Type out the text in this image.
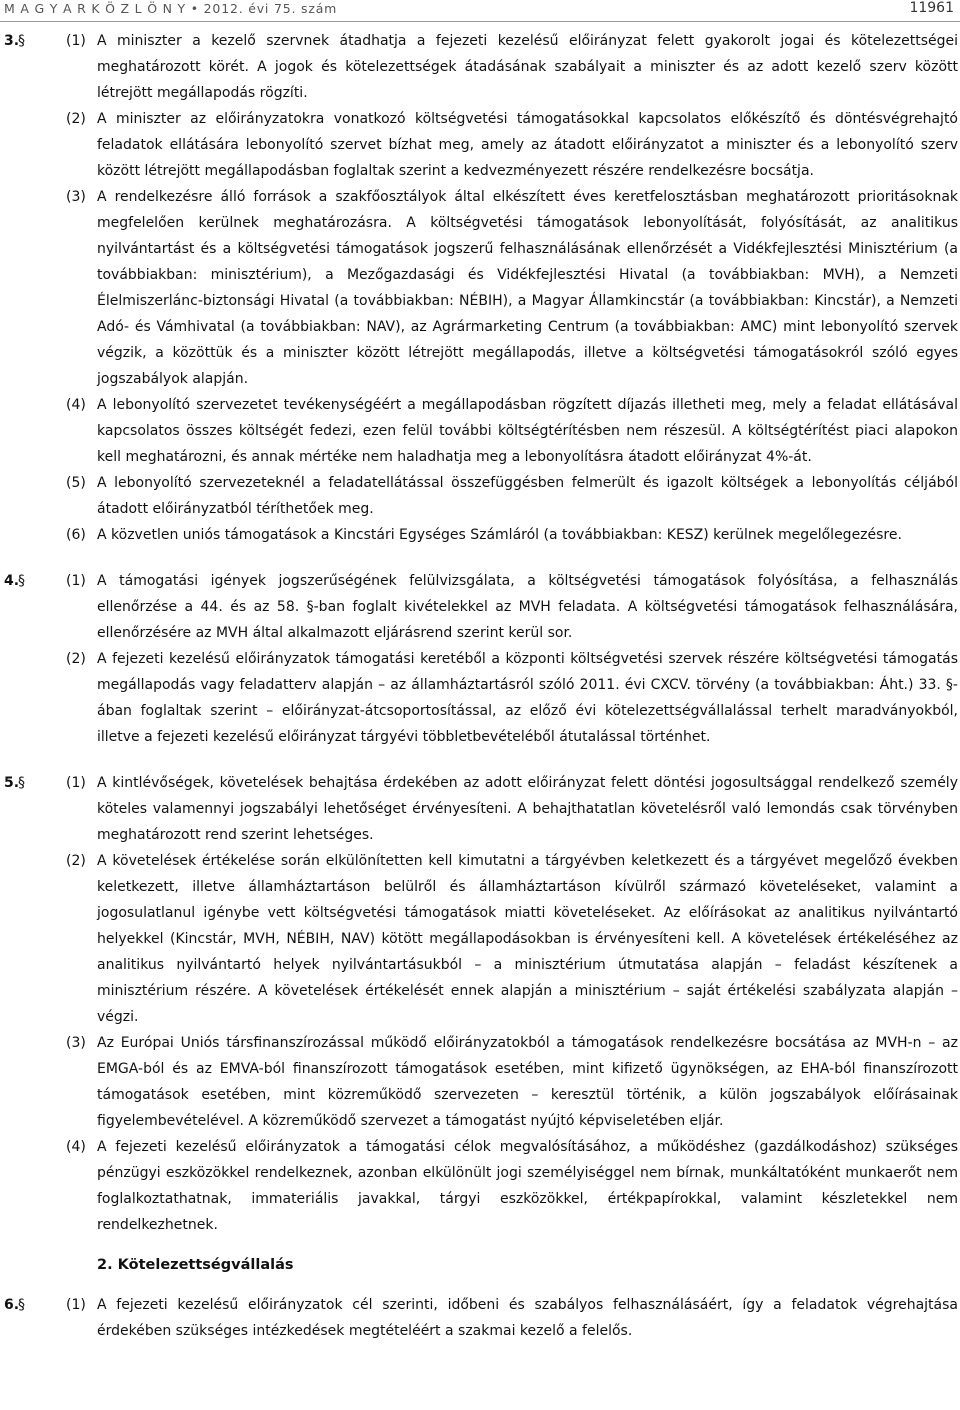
M A G Y A R K Ö Z L Ö N Y • 2012. évi 75. szám	11961
3.
§	(1) A miniszter a kezelő szervnek átadhatja a fejezeti kezelésű előirányzat felett gyakorolt jogai és kötelezettségei meghatározott körét. A jogok és kötelezettségek átadásának szabályait a miniszter és az adott kezelő szerv között létrejött megállapodás rögzíti.
(2) A miniszter az előirányzatokra vonatkozó költségvetési támogatásokkal kapcsolatos előkészítő és döntésvégrehajtó feladatok ellátására lebonyolító szervet bízhat meg, amely az átadott előirányzatot a miniszter és a lebonyolító szerv között létrejött megállapodásban foglaltak szerint a kedvezményezett részére rendelkezésre bocsátja.
(3) A rendelkezésre álló források a szakfőosztályok által elkészített éves keretfelosztásban meghatározott prioritásoknak megfelelően kerülnek meghatározásra. A költségvetési támogatások lebonyolítását, folyósítását, az analitikus nyilvántartást és a költségvetési támogatások jogszerű felhasználásának ellenőrzését a Vidékfejlesztési Minisztérium (a továbbiakban: minisztérium), a Mezőgazdasági és Vidékfejlesztési Hivatal (a továbbiakban: MVH), a Nemzeti Élelmiszerlánc-biztonsági Hivatal (a továbbiakban: NÉBIH), a Magyar Államkincstár (a továbbiakban: Kincstár), a Nemzeti Adó- és Vámhivatal (a továbbiakban: NAV), az Agrármarketing Centrum (a továbbiakban: AMC) mint lebonyolító szervek végzik, a közöttük és a miniszter között létrejött megállapodás, illetve a költségvetési támogatásokról szóló egyes jogszabályok alapján.
(4) A lebonyolító szervezetet tevékenységéért a megállapodásban rögzített díjazás illetheti meg, mely a feladat ellátásával kapcsolatos összes költségét fedezi, ezen felül további költségtérítésben nem részesül. A költségtérítést piaci alapokon kell meghatározni, és annak mértéke nem haladhatja meg a lebonyolításra átadott előirányzat 4%-át.
(5) A lebonyolító szervezeteknél a feladatellátással összefüggésben felmerült és igazolt költségek a lebonyolítás céljából átadott előirányzatból téríthetőek meg.
(6) A közvetlen uniós támogatások a Kincstári Egységes Számláról (a továbbiakban: KESZ) kerülnek megelőlegezésre.
4.
§	(1) A támogatási igények jogszerűségének felülvizsgálata, a költségvetési támogatások folyósítása, a felhasználás ellenőrzése a 44. és az 58. §-ban foglalt kivételekkel az MVH feladata. A költségvetési támogatások felhasználására, ellenőrzésére az MVH által alkalmazott eljárásrend szerint kerül sor.
(2) A fejezeti kezelésű előirányzatok támogatási keretéből a központi költségvetési szervek részére költségvetési támogatás megállapodás vagy feladatterv alapján – az államháztartásról szóló 2011. évi CXCV. törvény (a továbbiakban: Áht.) 33. §-ában foglaltak szerint – előirányzat-átcsoportosítással, az előző évi kötelezettségvállalással terhelt maradványokból, illetve a fejezeti kezelésű előirányzat tárgyévi többletbevételéből átutalással történhet.
5.
§	(1) A kintlévőségek, követelések behajtása érdekében az adott előirányzat felett döntési jogosultsággal rendelkező személy köteles valamennyi jogszabályi lehetőséget érvényesíteni. A behajthatatlan követelésről való lemondás csak törvényben meghatározott rend szerint lehetséges.
(2) A követelések értékelése során elkülönítetten kell kimutatni a tárgyévben keletkezett és a tárgyévet megelőző években keletkezett, illetve államháztartáson belülről és államháztartáson kívülről származó követeléseket, valamint a jogosulatlanul igénybe vett költségvetési támogatások miatti követeléseket. Az előírásokat az analitikus nyilvántartó helyekkel (Kincstár, MVH, NÉBIH, NAV) kötött megállapodásokban is érvényesíteni kell. A követelések értékeléséhez az analitikus nyilvántartó helyek nyilvántartásukból – a minisztérium útmutatása alapján – feladást készítenek a minisztérium részére. A követelések értékelését ennek alapján a minisztérium – saját értékelési szabályzata alapján – végzi.
(3) Az Európai Uniós társfinanszírozással működő előirányzatokból a támogatások rendelkezésre bocsátása az MVH-n – az EMGA-ból és az EMVA-ból finanszírozott támogatások esetében, mint kifizető ügynökségen, az EHA-ból finanszírozott támogatások esetében, mint közreműködő szervezeten – keresztül történik, a külön jogszabályok előírásainak figyelembevételével. A közreműködő szervezet a támogatást nyújtó képviseletében eljár.
(4) A fejezeti kezelésű előirányzatok a támogatási célok megvalósításához, a működéshez (gazdálkodáshoz) szükséges pénzügyi eszközökkel rendelkeznek, azonban elkülönült jogi személyiséggel nem bírnak, munkáltatóként munkaerőt nem foglalkoztathatnak, immateriális javakkal, tárgyi eszközökkel, értékpapírokkal, valamint készletekkel nem rendelkezhetnek.
2. Kötelezettségvállalás
6.
§	(1) A fejezeti kezelésű előirányzatok cél szerinti, időbeni és szabályos felhasználásáért, így a feladatok végrehajtása érdekében szükséges intézkedések megtételéért a szakmai kezelő a felelős.
